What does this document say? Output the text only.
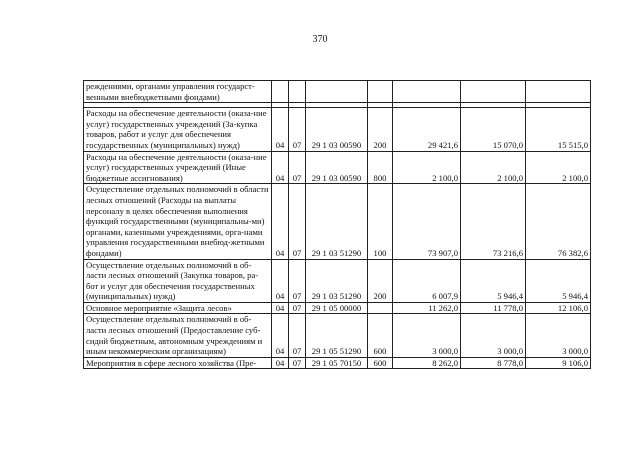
370
реждениями, органами управления государст-венными внебюджетными фондами)							

Расходы на обеспечение деятельности (оказа-ние услуг) государственных учреждений (За-купка товаров, работ и услуг для обеспечения государственных (муниципальных) нужд)	04	07	29 1 03 00590	200	29 421,6	15 070,0	15 515,0
Расходы на обеспечение деятельности (оказа-ние услуг) государственных учреждений (Иные бюджетные ассигнования)	04	07	29 1 03 00590	800	2 100,0	2 100,0	2 100,0
Осуществление отдельных полномочий в области лесных отношений (Расходы на выплаты персоналу в целях обеспечения выполнения функций государственными (муниципальны-ми) органами, казенными учреждениями, орга-нами управления государственными внебюд-жетными фондами)	04	07	29 1 03 51290	100	73 907,0	73 216,6	76 382,6
Осуществление отдельных полномочий в об-ласти лесных отношений (Закупка товаров, ра-бот и услуг для обеспечения государственных (муниципальных) нужд)	04	07	29 1 03 51290	200	6 007,9	5 946,4	5 946,4
Основное мероприятие «Защита лесов»	04	07	29 1 05 00000		11 262,0	11 778,0	12 106,0
Осуществление отдельных полномочий в об-ласти лесных отношений (Предоставление суб-сидий бюджетным, автономным учреждениям и иным некоммерческим организациям)	04	07	29 1 05 51290	600	3 000,0	3 000,0	3 000,0
Мероприятия в сфере лесного хозяйства (Пре-	04	07	29 1 05 70150	600	8 262,0	8 778,0	9 106,0
